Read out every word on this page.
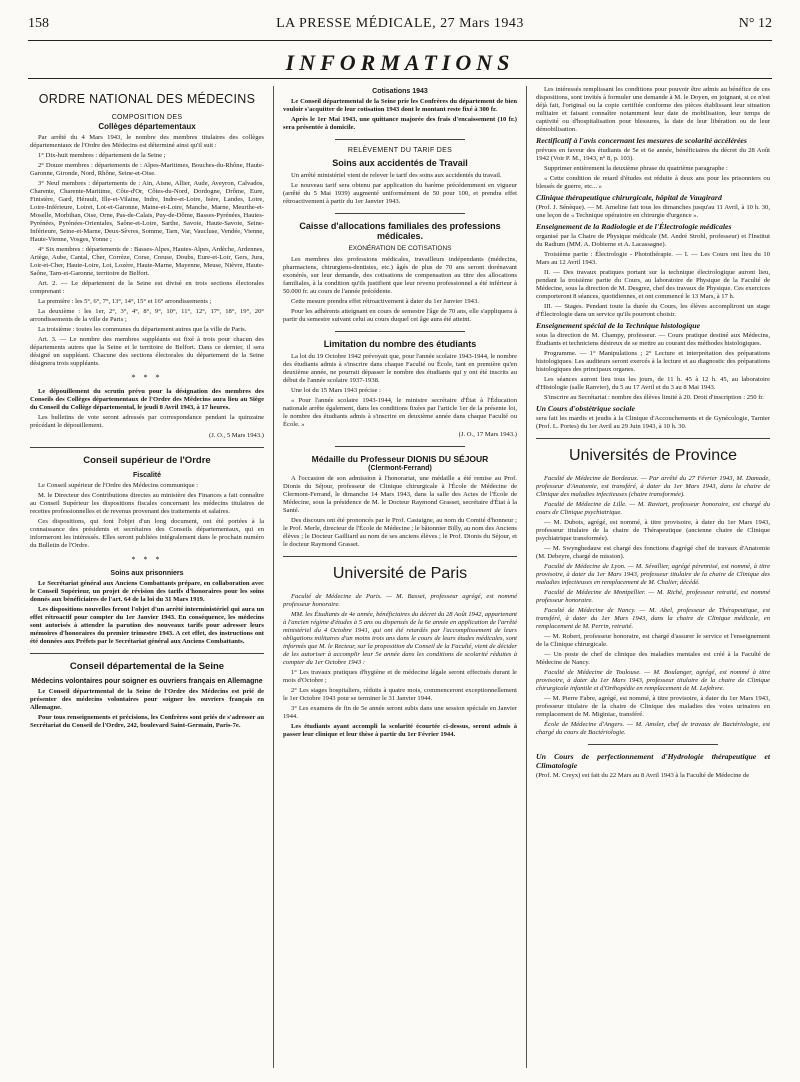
158	LA PRESSE MÉDICALE, 27 Mars 1943	N° 12
INFORMATIONS
ORDRE NATIONAL DES MÉDECINS
COMPOSITION DES
Collèges départementaux

Par arrêté du 4 Mars 1943, le nombre des membres titulaires des collèges départementaux de l'Ordre des Médecins est déterminé ainsi qu'il suit :

1° Dix-huit membres : département de la Seine ;

2° Douze membres : départements de : Alpes-Maritimes, Bouches-du-Rhône, Haute-Garonne, Gironde, Nord, Rhône, Seine-et-Oise.

3° Neuf membres : départements de : Ain, Aisne, Allier, Aude, Aveyron, Calvados, Charente, Charente-Maritime, Côte-d'Or, Côtes-du-Nord, Dordogne, Drôme, Eure, Finistère, Gard, Hérault, Ille-et-Vilaine, Indre, Indre-et-Loire, Isère, Landes, Loire, Loire-Inférieure, Loiret, Lot-et-Garonne, Maine-et-Loire, Manche, Marne, Meurthe-et-Moselle, Morbihan, Oise, Orne, Pas-de-Calais, Puy-de-Dôme, Basses-Pyrénées, Hautes-Pyrénées, Pyrénées-Orientales, Saône-et-Loire, Sarthe, Savoie, Haute-Savoie, Seine-Inférieure, Seine-et-Marne, Deux-Sèvres, Somme, Tarn, Var, Vaucluse, Vendée, Vienne, Haute-Vienne, Vosges, Yonne ;

4° Six membres : départements de : Basses-Alpes, Hautes-Alpes, Ardèche, Ardennes, Ariège, Aube, Cantal, Cher, Corrèze, Corse, Creuse, Doubs, Eure-et-Loir, Gers, Jura, Loir-et-Cher, Haute-Loire, Lot, Lozère, Haute-Marne, Mayenne, Meuse, Nièvre, Haute-Saône, Tarn-et-Garonne, territoire de Belfort.

Art. 2. — Le département de la Seine est divisé en trois sections électorales comprenant :

La première : les 5°, 6°, 7°, 13°, 14°, 15° et 16° arrondissements ;

La deuxième : les 1er, 2°, 3°, 4°, 8°, 9°, 10°, 11°, 12°, 17°, 18°, 19°, 20° arrondissements de la ville de Paris ;

La troisième : toutes les communes du département autres que la ville de Paris.

Art. 3. — Le nombre des membres suppléants est fixé à trois pour chacun des départements autres que la Seine et le territoire de Belfort. Dans ce dernier, il sera désigné un suppléant. Chacune des sections électorales du département de la Seine désignera trois suppléants.

* * *

Le dépouillement du scrutin prévu pour la désignation des membres des Conseils des Collèges départementaux de l'Ordre des Médecins aura lieu au Siège du Conseil du Collège départemental, le jeudi 8 Avril 1943, à 17 heures.

Les bulletins de vote seront adressés par correspondance pendant la quinzaine précédant le dépouillement.

(J. O., 5 Mars 1943.)
Conseil supérieur de l'Ordre
Fiscalité

Le Conseil supérieur de l'Ordre des Médecins communique :

M. le Directeur des Contributions directes au ministère des Finances a fait connaître au Conseil Supérieur les dispositions fiscales concernant les médecins titulaires de recettes professionnelles et de revenus provenant des traitements et salaires.

Ces dispositions, qui font l'objet d'un long document, ont été portées à la connaissance des présidents et secrétaires des Conseils départementaux, qui en informeront les intéressés. Elles seront publiées intégralement dans le prochain numéro du Bulletin de l'Ordre.

* * *
Soins aux prisonniers

Le Secrétariat général aux Anciens Combattants prépare, en collaboration avec le Conseil Supérieur, un projet de révision des tarifs d'honoraires pour les soins donnés aux bénéficiaires de l'art. 64 de la loi du 31 Mars 1919.

Les dispositions nouvelles feront l'objet d'un arrêté interministériel qui aura un effet rétroactif pour compter du 1er Janvier 1943. En conséquence, les médecins sont autorisés à attendre la parution des nouveaux tarifs pour adresser leurs mémoires d'honoraires du premier trimestre 1943. A cet effet, des instructions ont été données aux Préfets par le Secrétariat général aux Anciens Combattants.

Conseil départemental de la Seine
Médecins volontaires pour soigner es ouvriers français en Allemagne

Le Conseil départemental de la Seine de l'Ordre des Médecins est prié de présenter des médecins volontaires pour soigner les ouvriers français en Allemagne.

Pour tous renseignements et précisions, les Confrères sont priés de s'adresser au Secrétariat du Conseil de l'Ordre, 242, boulevard Saint-Germain, Paris-7e.

Cotisations 1943

Le Conseil départemental de la Seine prie les Confrères du département de bien vouloir s'acquitter de leur cotisation 1943 dont le montant reste fixé à 300 fr.

Après le 1er Mai 1943, une quittance majorée des frais d'encaissement (10 fr.) sera présentée à domicile.

RELÈVEMENT DU TARIF DES
Soins aux accidentés de Travail

Un arrêté ministériel vient de relever le tarif des soins aux accidentés du travail.

Le nouveau tarif sera obtenu par application du barème précédemment en vigueur (arrêté du 5 Mai 1939) augmenté uniformément de 50 pour 100, et prendra effet rétroactivement à partir du 1er Janvier 1943.

Caisse d'allocations familiales des professions médicales.
EXONÉRATION DE COTISATIONS

Les membres des professions médicales, travailleurs indépendants (médecins, pharmaciens, chirurgiens-dentistes, etc.) âgés de plus de 70 ans seront dorénavant exonérés, sur leur demande, des cotisations de compensation au titre des allocations familiales, à la condition qu'ils justifient que leur revenu professionnel a été inférieur à 50.000 fr. au cours de l'année précédente.

Cette mesure prendra effet rétroactivement à dater du 1er Janvier 1943.

Pour les adhérents atteignant en cours de semestre l'âge de 70 ans, elle s'appliquera à partir du semestre suivant celui au cours duquel cet âge aura été atteint.

Limitation du nombre des étudiants

La loi du 19 Octobre 1942 prévoyait que, pour l'année scolaire 1943-1944, le nombre des étudiants admis à s'inscrire dans chaque Faculté ou École, tant en première qu'en deuxième année, ne pourrait dépasser le nombre des étudiants qui y ont été inscrits au début de l'année scolaire 1937-1938.

Une loi du 15 Mars 1943 précise :

« Pour l'année scolaire 1943-1944, le ministre secrétaire d'État à l'Éducation nationale arrête également, dans les conditions fixées par l'article 1er de la présente loi, le nombre des étudiants admis à s'inscrire en deuxième année dans chaque Faculté ou École. »

(J. O., 17 Mars 1943.)
Médaille du Professeur DIONIS DU SÉJOUR
(Clermont-Ferrand)

A l'occasion de son admission à l'honorariat, une médaille a été remise au Prof. Dionis du Séjour, professeur de Clinique chirurgicale à l'École de Médecine de Clermont-Ferrand, le dimanche 14 Mars 1943, dans la salle des Actes de l'École de Médecine, sous la présidence de M. le Docteur Raymond Grasset, secrétaire d'État à la Santé.

Des discours ont été prononcés par le Prof. Castaigne, au nom du Comité d'honneur ; le Prof. Merle, directeur de l'École de Médecine ; le bâtonnier Billy, au nom des Anciens élèves ; le Docteur Gailliard au nom de ses anciens élèves ; le Prof. Dionis du Séjour, et le docteur Raymond Grasset.

Université de Paris

Faculté de Médecine de Paris. — M. Basset, professeur agrégé, est nommé professeur honoraire.

MM. les Étudiants de 4e année, bénéficiaires du décret du 28 Août 1942, appartenant à l'ancien régime d'études à 5 ans ou dispensés de la 6e année en application de l'arrêté ministériel du 4 Octobre 1941, qui ont été retardés par l'accomplissement de leurs obligations militaires d'un moins trois ans dans le cours de leurs études médicales, sont informés que M. le Recteur, sur la proposition du Conseil de la Faculté, vient de décider de les autoriser à accomplir leur 5e année dans les conditions de scolarité réduites à compter du 1er Octobre 1943 :

1° Les travaux pratiques d'hygiène et de médecine légale seront effectués durant le mois d'Octobre ;

2° Les stages hospitaliers, réduits à quatre mois, commenceront exceptionnellement le 1er Octobre 1943 pour se terminer le 31 Janvier 1944.

3° Les examens de fin de 5e année seront subis dans une session spéciale en Janvier 1944.

Les étudiants ayant accompli la scolarité écourtée ci-dessus, seront admis à passer leur clinique et leur thèse à partir du 1er Février 1944.

Les intéressés remplissant les conditions pour pouvoir être admis au bénéfice de ces dispositions, sont invités à formuler une demande à M. le Doyen, en joignant, si ce n'est déjà fait, l'original ou la copie certifiée conforme des pièces établissant leur situation militaire et faisant connaître notamment leur date de mobilisation, leur temps de captivité ou d'hospitalisation pour blessures, la date de leur libération ou de leur démobilisation.

Rectificatif à l'avis concernant les mesures de scolarité accélérées

prévues en faveur des étudiants de 5e et 6e année, bénéficiaires du décret du 28 Août 1942 (Voir P. M., 1943, n° 8, p. 103).

Supprimer entièrement la deuxième phrase du quatrième paragraphe :

« Cette condition de retard d'études est réduite à deux ans pour les prisonniers ou blessés de guerre, etc... »

Clinique thérapeutique chirurgicale, hôpital de Vaugirard

(Prof. J. Sénèque). — M. Ameline fait tous les dimanches jusqu'au 11 Avril, à 10 h. 30, une leçon de « Technique opératoire en chirurgie d'urgence ».

Enseignement de la Radiologie et de l'Électrologie médicales

organisé par la Chaire de Physique médicale (M. André Strohl, professeur) et l'Institut du Radium (MM. A. Dobierne et A. Lacassagne).

Troisième partie : Électrologie - Photothérapie. — I. — Les Cours ont lieu du 10 Mars au 12 Avril 1943.

II. — Des travaux pratiques portant sur la technique électrologique auront lieu, pendant la troisième partie du Cours, au laboratoire de Physique de la Faculté de Médecine, sous la direction de M. Desgrez, chef des travaux de Physique. Ces exercices comporteront 8 séances, quotidiennes, et ont commencé le 13 Mars, à 17 h.

III. — Stages. Pendant toute la durée du Cours, les élèves accompliront un stage d'Électrologie dans un service qu'ils pourront choisir.

Enseignement spécial de la Technique histologique

sous la direction de M. Champy, professeur. — Cours pratique destiné aux Médecins, Étudiants et techniciens désireux de se mettre au courant des méthodes histologiques.

Programme. — 1° Manipulations ; 2° Lecture et interprétation des préparations histologiques. Les auditeurs seront exercés à la lecture et au diagnostic des préparations histologiques des principaux organes.

Les séances auront lieu tous les jours, de 11 h. 45 à 12 h. 45, au laboratoire d'Histologie (salle Ranvier), du 5 au 17 Avril et du 3 au 8 Mai 1943.

S'inscrire au Secrétariat : nombre des élèves limité à 20. Droit d'inscription : 250 fr.

Un Cours d'obstétrique sociale

sera fait les mardis et jeudis à la Clinique d'Accouchements et de Gynécologie, Tarnier (Prof. L. Portes) du 1er Avril au 29 Juin 1943, à 10 h. 30.

Universités de Province

Faculté de Médecine de Bordeaux. — Par arrêté du 27 Février 1943, M. Damade, professeur d'Anatomie, est transféré, à dater du 1er Mars 1943, dans la chaire de Clinique des maladies infectieuses (chaire transformée).

Faculté de Médecine de Lille. — M. Raviart, professeur honoraire, est chargé du cours de Clinique psychiatrique.

— M. Dubois, agrégé, est nommé, à titre provisoire, à dater du 1er Mars 1943, professeur titulaire de la chaire de Thérapeutique (ancienne chaire de Clinique psychiatrique transformée).

— M. Swynghedauw est chargé des fonctions d'agrégé chef de travaux d'Anatomie (M. Debeyre, chargé de mission).

Faculté de Médecine de Lyon. — M. Sévallier, agrégé pérennisé, est nommé, à titre provisoire, à dater du 1er Mars 1943, professeur titulaire de la chaire de Clinique des maladies infectieuses en remplacement de M. Chalier, décédé.

Faculté de Médecine de Montpellier. — M. Riché, professeur retraité, est nommé professeur honoraire.

Faculté de Médecine de Nancy. — M. Abel, professeur de Thérapeutique, est transféré, à dater du 1er Mars 1943, dans la chaire de Clinique médicale, en remplacement de M. Perrin, retraité.

— M. Robert, professeur honoraire, est chargé d'assurer le service et l'enseignement de la Clinique chirurgicale.

— Un poste de chef de clinique des maladies mentales est créé à la Faculté de Médecine de Nancy.

Faculté de Médecine de Toulouse. — M. Boulanger, agrégé, est nommé à titre provisoire, à dater du 1er Mars 1943, professeur titulaire de la chaire de Clinique chirurgicale infantile et d'Orthopédie en remplacement de M. Lefebvre.

— M. Pierre Fabre, agrégé, est nommé, à titre provisoire, à dater du 1er Mars 1943, professeur titulaire de la chaire de Clinique des maladies des voies urinaires en remplacement de M. Miginiac, transféré.

École de Médecine d'Angers. — M. Amsler, chef de travaux de Bactériologie, est chargé du cours de Bactériologie.

Un Cours de perfectionnement d'Hydrologie thérapeutique et Climatologie

(Prof. M. Creyx) est fait du 22 Mars au 8 Avril 1943 à la Faculté de Médecine de
